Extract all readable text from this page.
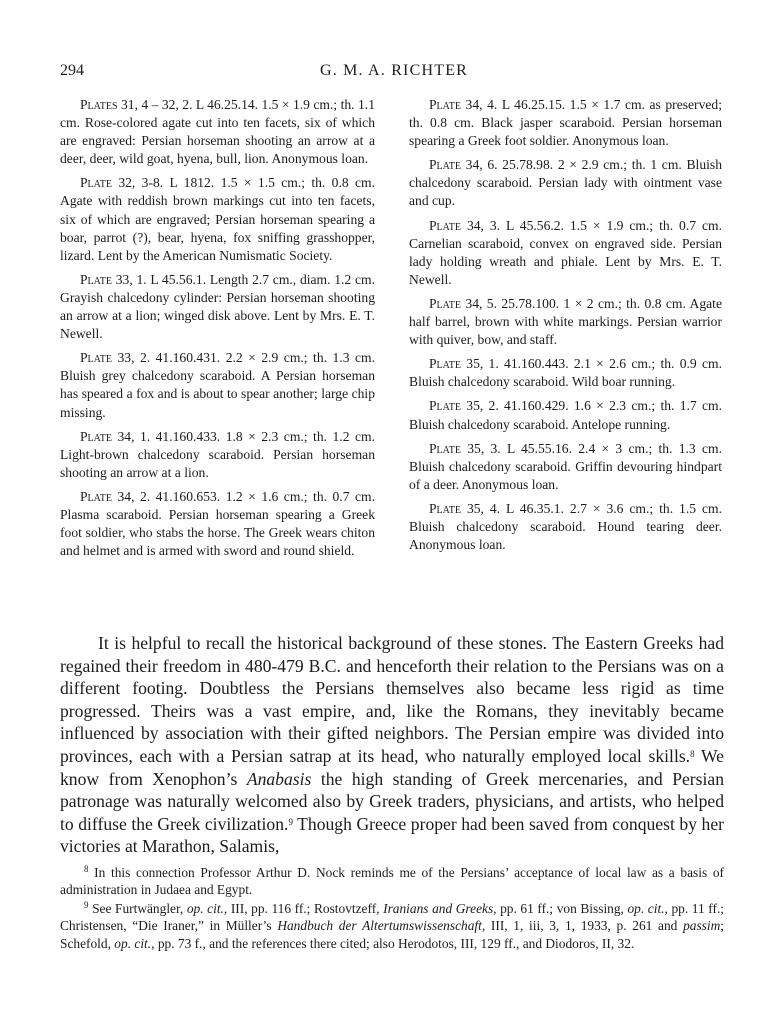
294	G. M. A. RICHTER

Plates 31, 4 – 32, 2. L 46.25.14. 1.5 × 1.9 cm.; th. 1.1 cm. Rose-colored agate cut into ten facets, six of which are engraved: Persian horseman shooting an arrow at a deer, deer, wild goat, hyena, bull, lion. Anonymous loan.

Plate 32, 3-8. L 1812. 1.5 × 1.5 cm.; th. 0.8 cm. Agate with reddish brown markings cut into ten facets, six of which are engraved; Persian horseman spearing a boar, parrot (?), bear, hyena, fox sniffing grasshopper, lizard. Lent by the American Numismatic Society.

Plate 33, 1. L 45.56.1. Length 2.7 cm., diam. 1.2 cm. Grayish chalcedony cylinder: Persian horseman shooting an arrow at a lion; winged disk above. Lent by Mrs. E. T. Newell.

Plate 33, 2. 41.160.431. 2.2 × 2.9 cm.; th. 1.3 cm. Bluish grey chalcedony scaraboid. A Persian horseman has speared a fox and is about to spear another; large chip missing.

Plate 34, 1. 41.160.433. 1.8 × 2.3 cm.; th. 1.2 cm. Light-brown chalcedony scaraboid. Persian horseman shooting an arrow at a lion.

Plate 34, 2. 41.160.653. 1.2 × 1.6 cm.; th. 0.7 cm. Plasma scaraboid. Persian horseman spearing a Greek foot soldier, who stabs the horse. The Greek wears chiton and helmet and is armed with sword and round shield.

Plate 34, 4. L 46.25.15. 1.5 × 1.7 cm. as preserved; th. 0.8 cm. Black jasper scaraboid. Persian horseman spearing a Greek foot soldier. Anonymous loan.

Plate 34, 6. 25.78.98. 2 × 2.9 cm.; th. 1 cm. Bluish chalcedony scaraboid. Persian lady with ointment vase and cup.

Plate 34, 3. L 45.56.2. 1.5 × 1.9 cm.; th. 0.7 cm. Carnelian scaraboid, convex on engraved side. Persian lady holding wreath and phiale. Lent by Mrs. E. T. Newell.

Plate 34, 5. 25.78.100. 1 × 2 cm.; th. 0.8 cm. Agate half barrel, brown with white markings. Persian warrior with quiver, bow, and staff.

Plate 35, 1. 41.160.443. 2.1 × 2.6 cm.; th. 0.9 cm. Bluish chalcedony scaraboid. Wild boar running.

Plate 35, 2. 41.160.429. 1.6 × 2.3 cm.; th. 1.7 cm. Bluish chalcedony scaraboid. Antelope running.

Plate 35, 3. L 45.55.16. 2.4 × 3 cm.; th. 1.3 cm. Bluish chalcedony scaraboid. Griffin devouring hindpart of a deer. Anonymous loan.

Plate 35, 4. L 46.35.1. 2.7 × 3.6 cm.; th. 1.5 cm. Bluish chalcedony scaraboid. Hound tearing deer. Anonymous loan.

It is helpful to recall the historical background of these stones. The Eastern Greeks had regained their freedom in 480-479 B.C. and henceforth their relation to the Persians was on a different footing. Doubtless the Persians themselves also became less rigid as time progressed. Theirs was a vast empire, and, like the Romans, they inevitably became influenced by association with their gifted neighbors. The Persian empire was divided into provinces, each with a Persian satrap at its head, who naturally employed local skills.$^8$ We know from Xenophon’s Anabasis the high standing of Greek mercenaries, and Persian patronage was naturally welcomed also by Greek traders, physicians, and artists, who helped to diffuse the Greek civilization.$^9$ Though Greece proper had been saved from conquest by her victories at Marathon, Salamis,

$^8$ In this connection Professor Arthur D. Nock reminds me of the Persians’ acceptance of local law as a basis of administration in Judaea and Egypt.

$^9$ See Furtwängler, op. cit., III, pp. 116 ff.; Rostovtzeff, Iranians and Greeks, pp. 61 ff.; von Bissing, op. cit., pp. 11 ff.; Christensen, “Die Iraner,” in Müller’s Handbuch der Altertumswissenschaft, III, 1, iii, 3, 1, 1933, p. 261 and passim; Schefold, op. cit., pp. 73 f., and the references there cited; also Herodotos, III, 129 ff., and Diodoros, II, 32.
